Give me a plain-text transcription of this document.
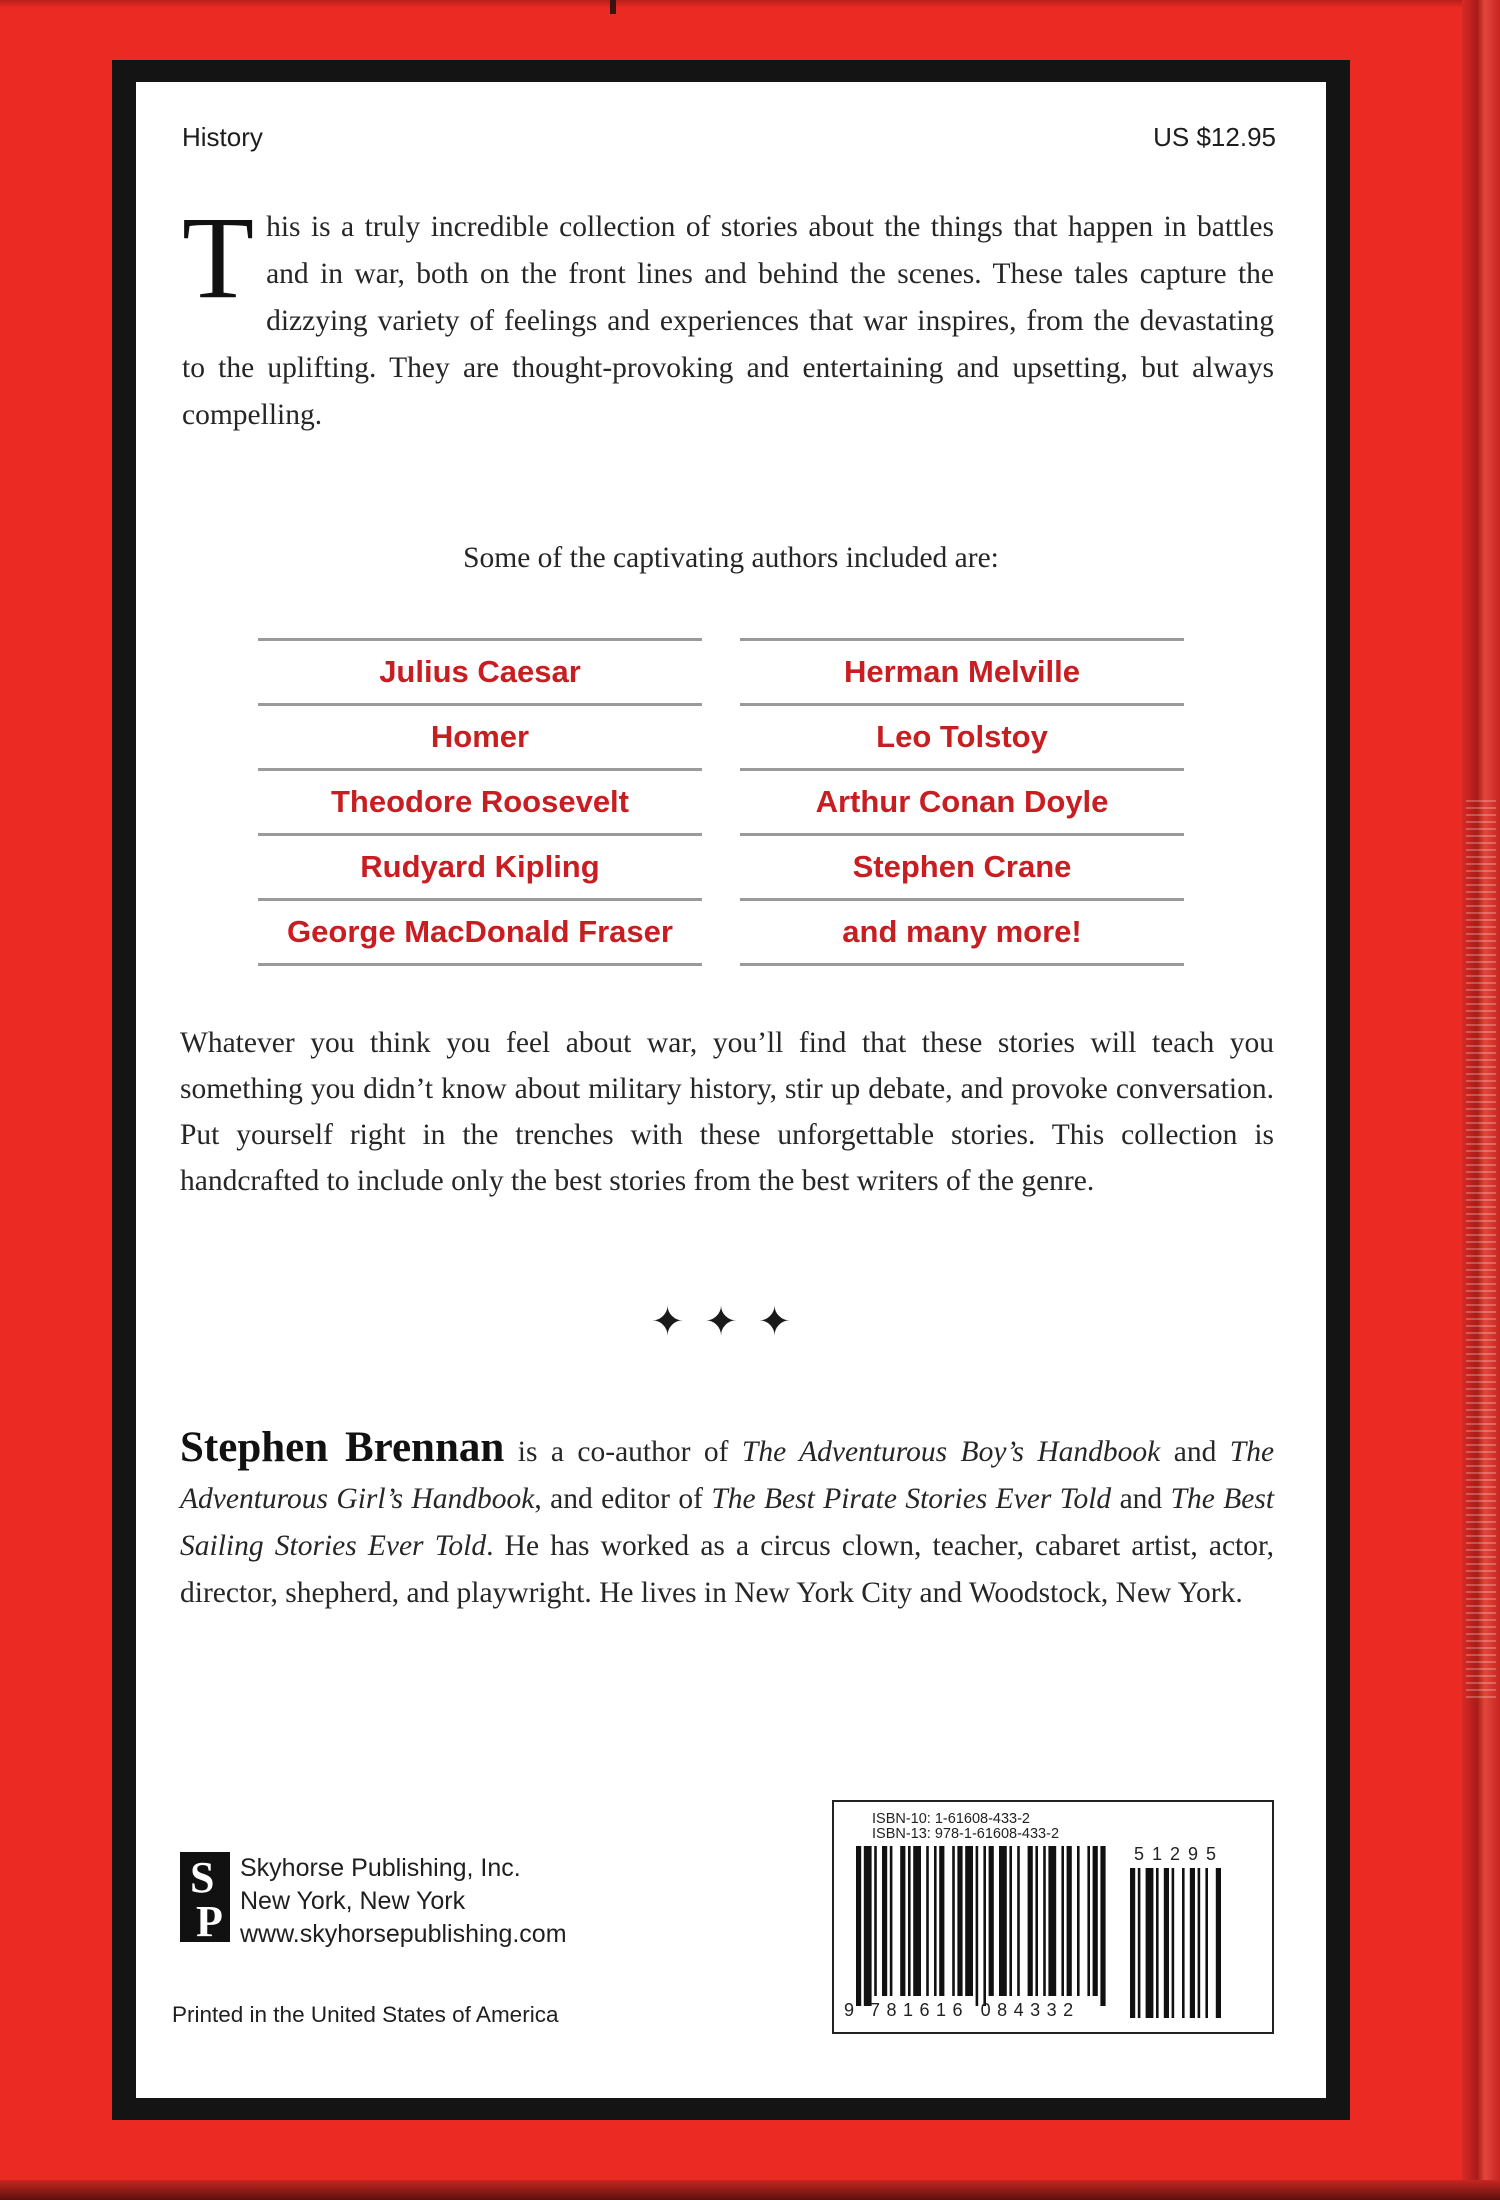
History	US $12.95
This is a truly incredible collection of stories about the things that happen in battles and in war, both on the front lines and behind the scenes. These tales capture the dizzying variety of feelings and experiences that war inspires, from the devastating to the uplifting. They are thought-provoking and entertaining and upsetting, but always compelling.
Some of the captivating authors included are:
Julius Caesar
Homer
Theodore Roosevelt
Rudyard Kipling
George MacDonald Fraser
Herman Melville
Leo Tolstoy
Arthur Conan Doyle
Stephen Crane
and many more!
Whatever you think you feel about war, you’ll find that these stories will teach you something you didn’t know about military history, stir up debate, and provoke conversation. Put yourself right in the trenches with these unforgettable stories. This collection is handcrafted to include only the best stories from the best writers of the genre.
✦✦✦
Stephen Brennan is a co-author of The Adventurous Boy’s Handbook and The Adventurous Girl’s Handbook, and editor of The Best Pirate Stories Ever Told and The Best Sailing Stories Ever Told. He has worked as a circus clown, teacher, cabaret artist, actor, director, shepherd, and playwright. He lives in New York City and Woodstock, New York.
S
P
Skyhorse Publishing, Inc.
New York, New York
www.skyhorsepublishing.com
Printed in the United States of America
ISBN-10: 1-61608-433-2
ISBN-13: 978-1-61608-433-2
9 781616 084332
51295
